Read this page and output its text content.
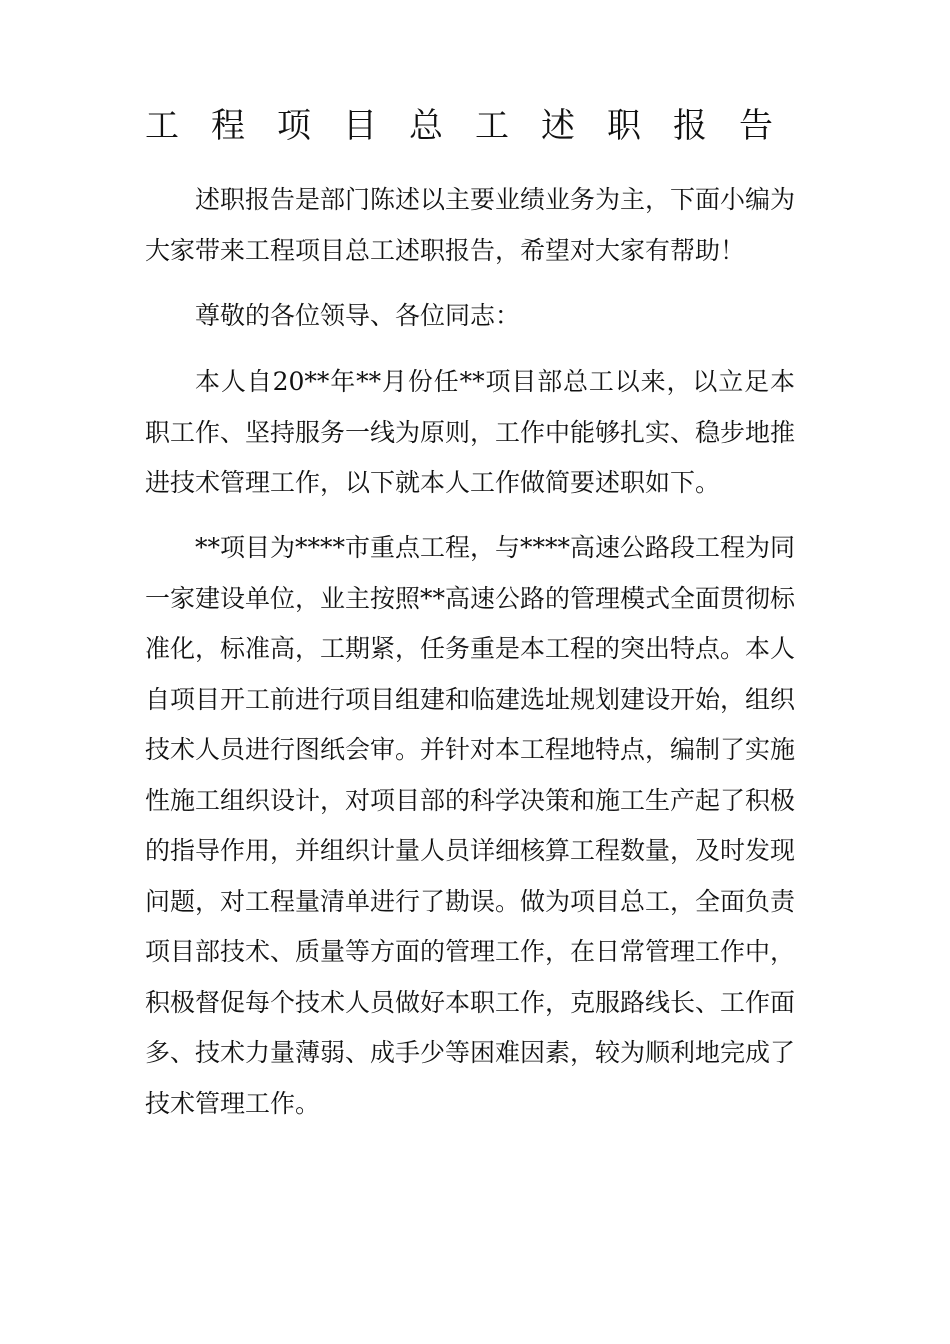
工程项目总工述职报告

述职报告是部门陈述以主要业绩业务为主，下面小编为大家带来工程项目总工述职报告，希望对大家有帮助！

尊敬的各位领导、各位同志：

本人自20**年**月份任**项目部总工以来，以立足本职工作、坚持服务一线为原则，工作中能够扎实、稳步地推进技术管理工作，以下就本人工作做简要述职如下。

**项目为****市重点工程，与****高速公路段工程为同一家建设单位，业主按照**高速公路的管理模式全面贯彻标准化，标准高，工期紧，任务重是本工程的突出特点。本人自项目开工前进行项目组建和临建选址规划建设开始，组织技术人员进行图纸会审。并针对本工程地特点，编制了实施性施工组织设计，对项目部的科学决策和施工生产起了积极的指导作用，并组织计量人员详细核算工程数量，及时发现问题，对工程量清单进行了勘误。做为项目总工，全面负责项目部技术、质量等方面的管理工作，在日常管理工作中，积极督促每个技术人员做好本职工作，克服路线长、工作面多、技术力量薄弱、成手少等困难因素，较为顺利地完成了技术管理工作。
